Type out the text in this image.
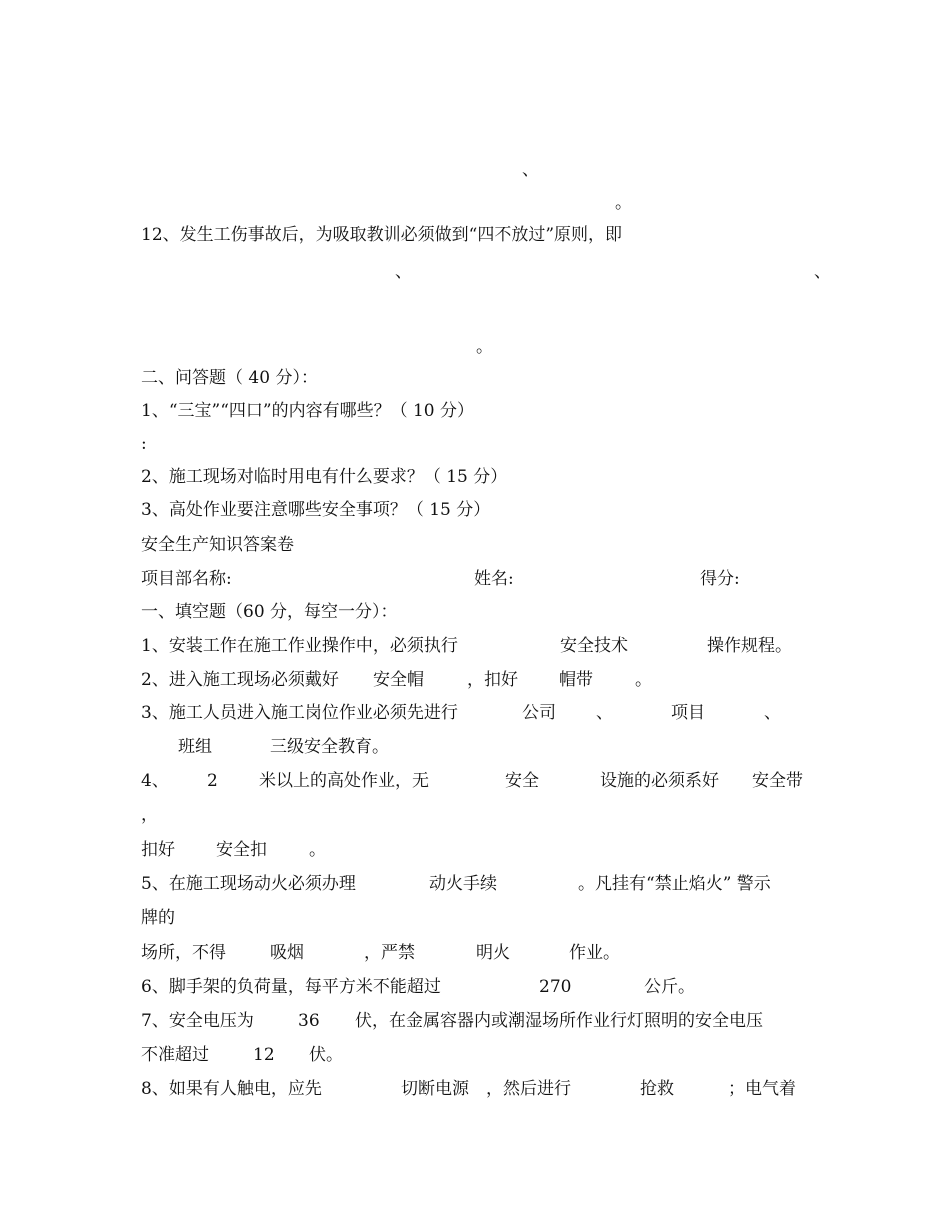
、
。
12、发生工伤事故后，为吸取教训必须做到“四不放过”原则，即
、	、
。
二、问答题（ 40 分）：
1、“三宝”“四口”的内容有哪些？（ 10 分）
:
2、施工现场对临时用电有什么要求？（ 15 分）
3、高处作业要注意哪些安全事项？（ 15 分）
安全生产知识答案卷
项目部名称:	姓名:	得分:
一、填空题（60 分，每空一分）：
1、安装工作在施工作业操作中，必须执行	安全技术	操作规程。
2、进入施工现场必须戴好 安全帽	，扣好 帽带 。
3、施工人员进入施工岗位作业必须先进行	公司 、	项目	、
班组	三级安全教育。
4、 2 米以上的高处作业，无	安全	设施的必须系好 安全带
，
扣好 安全扣 。
5、在施工现场动火必须办理	动火手续	。凡挂有“禁止焰火” 警示
牌的
场所，不得	吸烟	，严禁	明火	作业。
6、脚手架的负荷量，每平方米不能超过	270	公斤。
7、安全电压为	36 伏，在金属容器内或潮湿场所作业行灯照明的安全电压
不准超过	12 伏。
8、如果有人触电，应先	切断电源 ，然后进行	抢救	；电气着
